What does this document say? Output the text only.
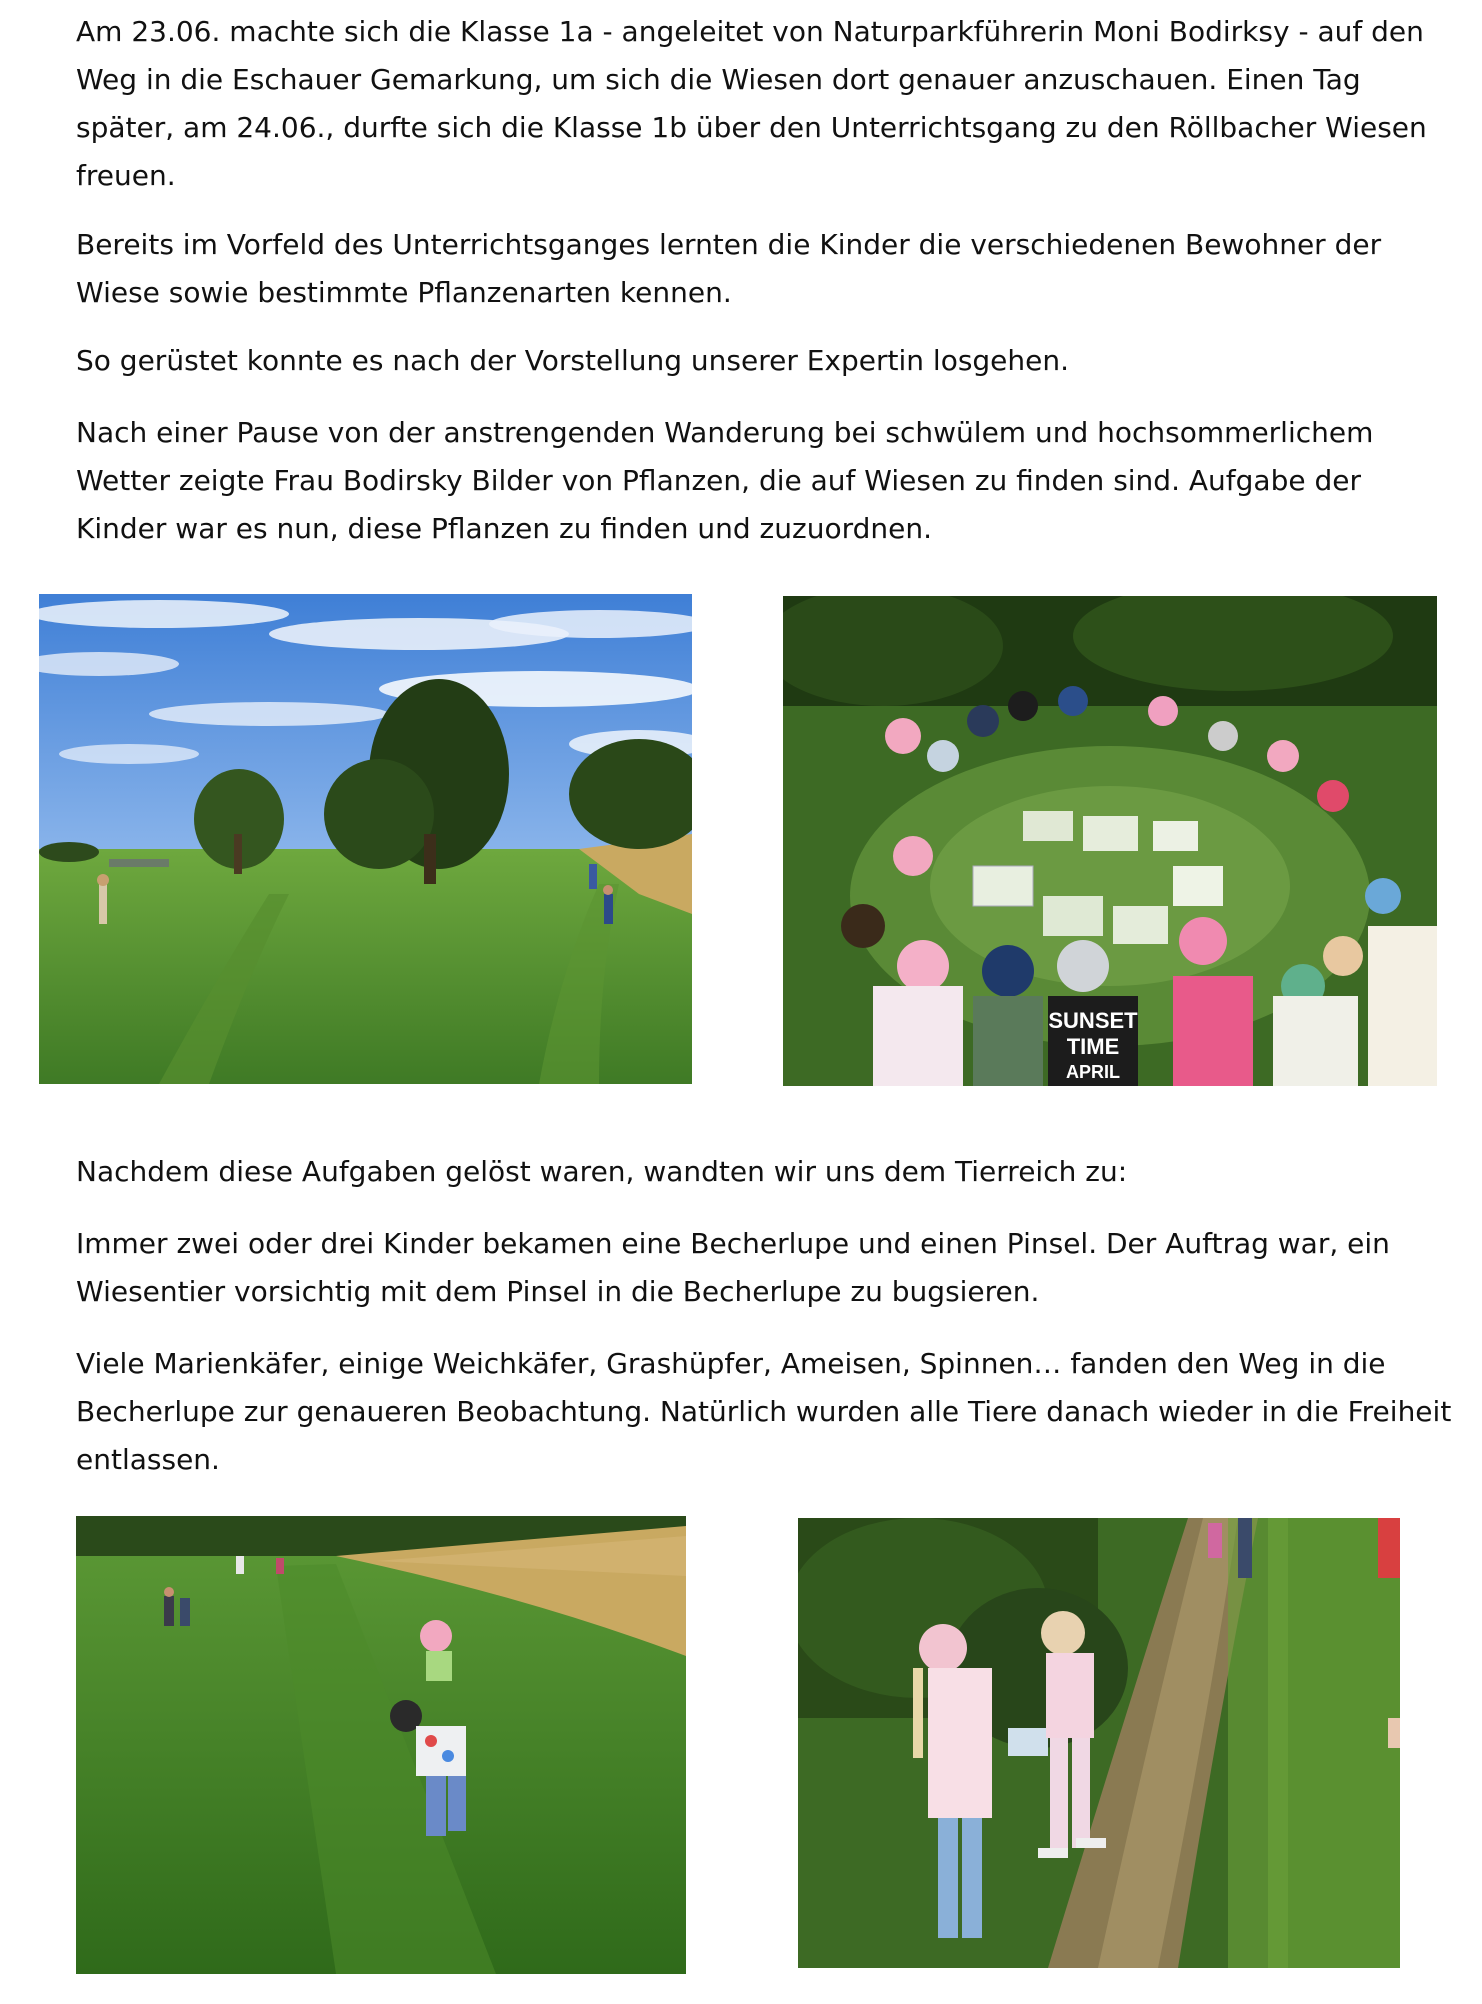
Am 23.06. machte sich die Klasse 1a - angeleitet von Naturparkführerin Moni Bodirksy - auf den Weg in die Eschauer Gemarkung, um sich die Wiesen dort genauer anzuschauen. Einen Tag später, am 24.06., durfte sich die Klasse 1b über den Unterrichtsgang zu den Röllbacher Wiesen freuen.

Bereits im Vorfeld des Unterrichtsganges lernten die Kinder die verschiedenen Bewohner der Wiese sowie bestimmte Pflanzenarten kennen.

So gerüstet konnte es nach der Vorstellung unserer Expertin losgehen.

Nach einer Pause von der anstrengenden Wanderung bei schwülem und hochsommerlichem Wetter zeigte Frau Bodirsky Bilder von Pflanzen, die auf Wiesen zu finden sind. Aufgabe der Kinder war es nun, diese Pflanzen zu finden und zuzuordnen.

SUNSET
TIME
APRIL

Nachdem diese Aufgaben gelöst waren, wandten wir uns dem Tierreich zu:

Immer zwei oder drei Kinder bekamen eine Becherlupe und einen Pinsel. Der Auftrag war, ein Wiesentier vorsichtig mit dem Pinsel in die Becherlupe zu bugsieren.

Viele Marienkäfer, einige Weichkäfer, Grashüpfer, Ameisen, Spinnen… fanden den Weg in die Becherlupe zur genaueren Beobachtung. Natürlich wurden alle Tiere danach wieder in die Freiheit entlassen.
